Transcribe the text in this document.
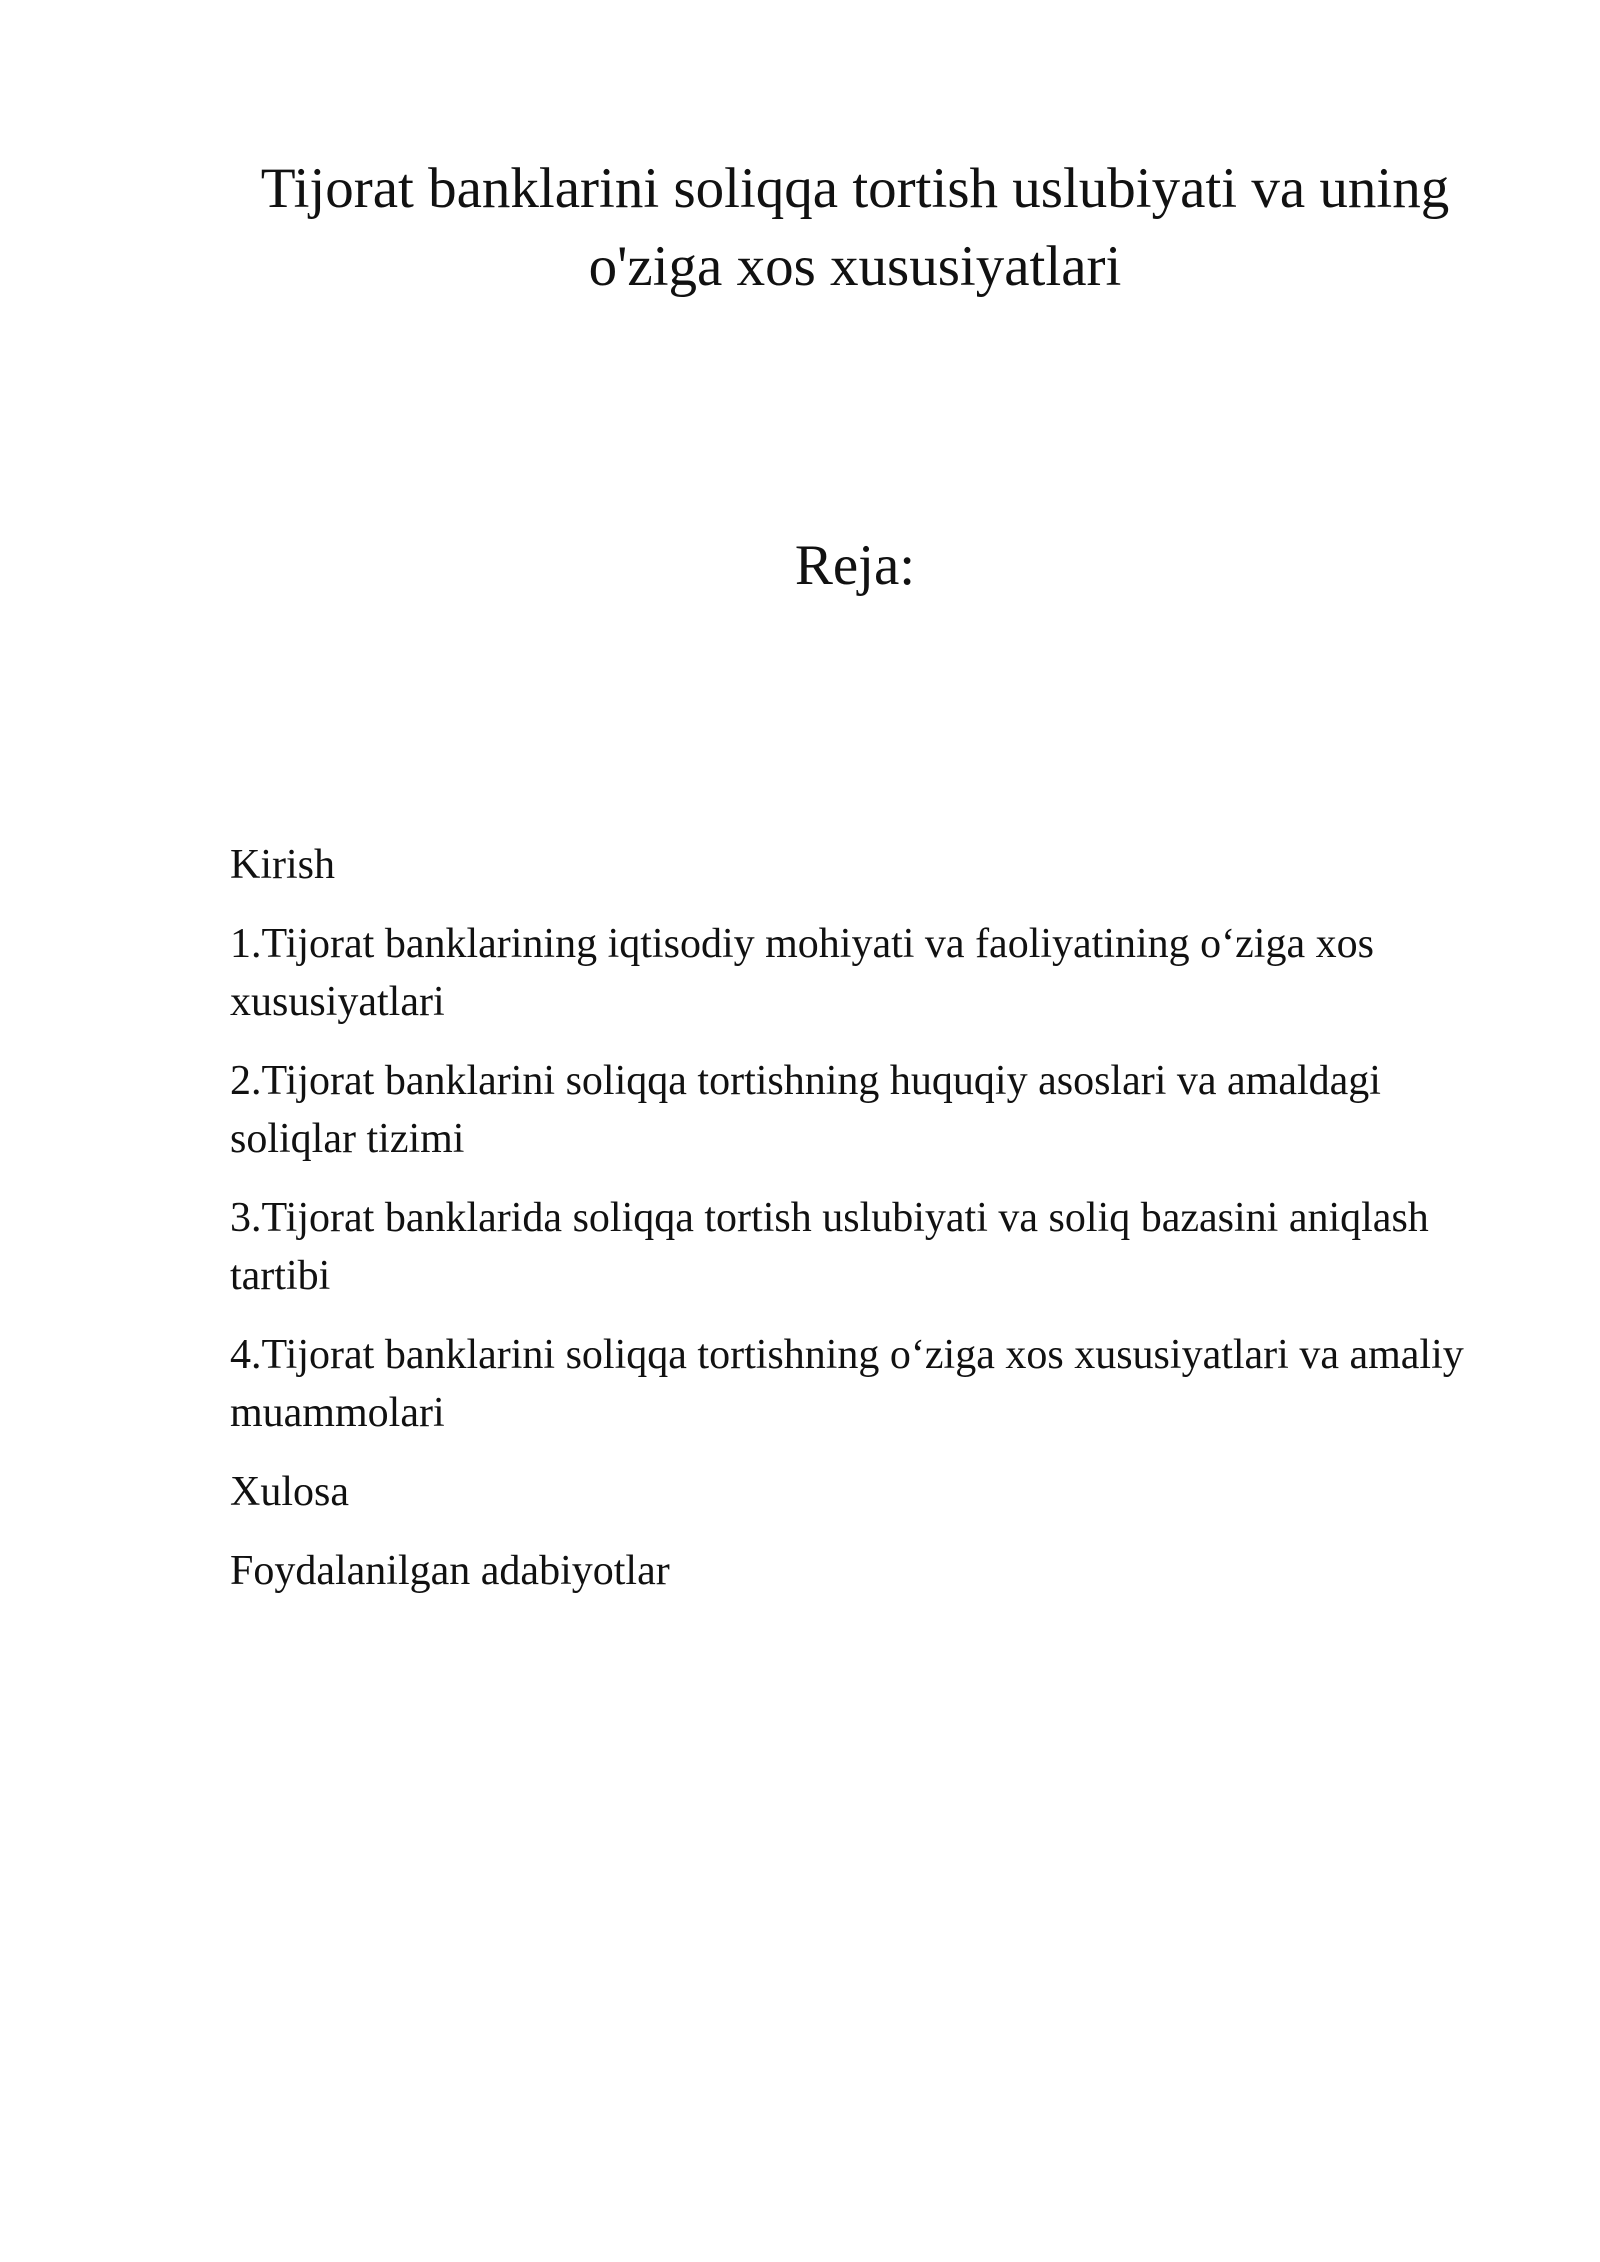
Tijorat banklarini soliqqa tortish uslubiyati va uning o'ziga xos xususiyatlari
Reja:
Kirish
1.Tijorat banklarining iqtisodiy mohiyati va faoliyatining o‘ziga xos xususiyatlari
2.Tijorat banklarini soliqqa tortishning huquqiy asoslari va amaldagi soliqlar tizimi
3.Tijorat banklarida soliqqa tortish uslubiyati va soliq bazasini aniqlash tartibi
4.Tijorat banklarini soliqqa tortishning o‘ziga xos xususiyatlari va amaliy muammolari
Xulosa
Foydalanilgan adabiyotlar
